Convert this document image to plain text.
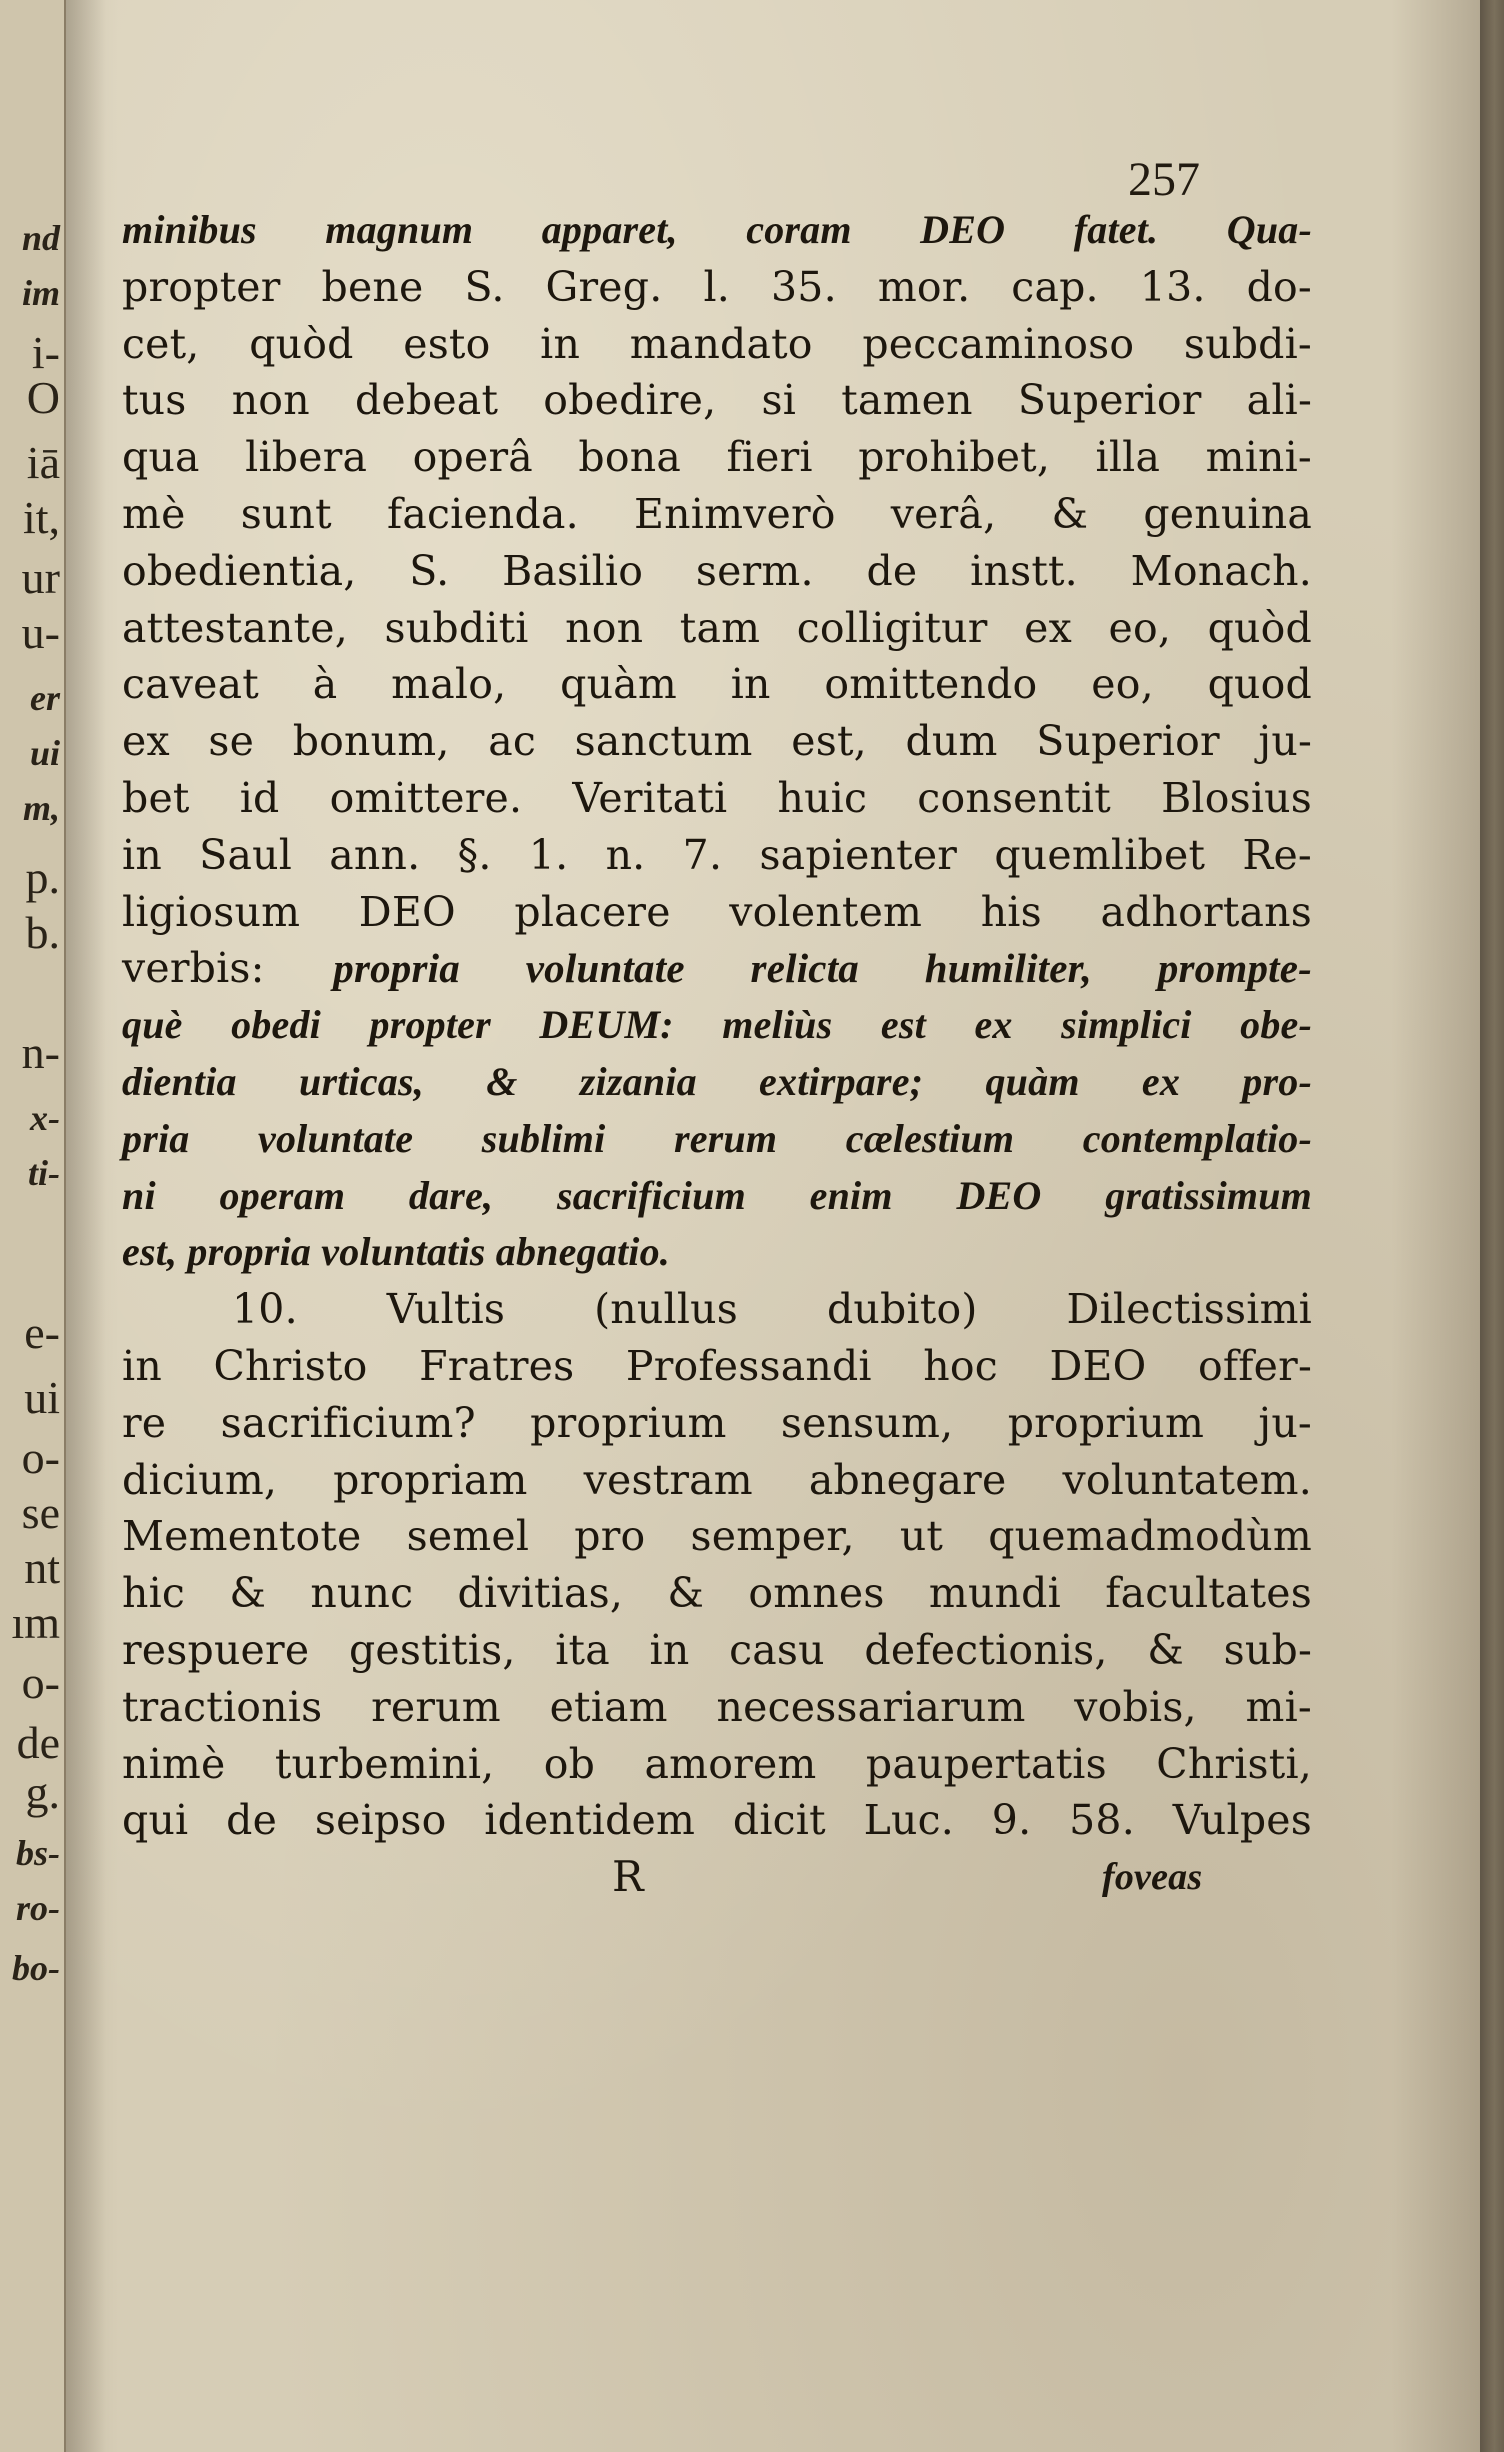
nd
im
i-
O
iā
it,
ur
u-
er
ui
m,
p.
b.
n-
x-
ti-
e-
ui
o-
se
nt
ım
o-
de
g.
bs-
ro-
bo-
257
minibus magnum apparet, coram DEO fatet. Qua-
propter bene S. Greg. l. 35. mor. cap. 13. do-
cet, quòd esto in mandato peccaminoso subdi-
tus non debeat obedire, si tamen Superior ali-
qua libera operâ bona fieri prohibet, illa mini-
mè sunt facienda. Enimverò verâ, & genuina
obedientia, S. Basilio serm. de instt. Monach.
attestante, subditi non tam colligitur ex eo, quòd
caveat à malo, quàm in omittendo eo, quod
ex se bonum, ac sanctum est, dum Superior ju-
bet id omittere. Veritati huic consentit Blosius
in Saul ann. §. 1. n. 7. sapienter quemlibet Re-
ligiosum DEO placere volentem his adhortans
verbis: propria voluntate relicta humiliter, prompte-
què obedi propter DEUM: meliùs est ex simplici obe-
dientia urticas, & zizania extirpare; quàm ex pro-
pria voluntate sublimi rerum cælestium contemplatio-
ni operam dare, sacrificium enim DEO gratissimum
est, propria voluntatis abnegatio.
10. Vultis (nullus dubito) Dilectissimi
in Christo Fratres Professandi hoc DEO offer-
re sacrificium? proprium sensum, proprium ju-
dicium, propriam vestram abnegare voluntatem.
Mementote semel pro semper, ut quemadmodùm
hic & nunc divitias, & omnes mundi facultates
respuere gestitis, ita in casu defectionis, & sub-
tractionis rerum etiam necessariarum vobis, mi-
nimè turbemini, ob amorem paupertatis Christi,
qui de seipso identidem dicit Luc. 9. 58. Vulpes
R	foveas
